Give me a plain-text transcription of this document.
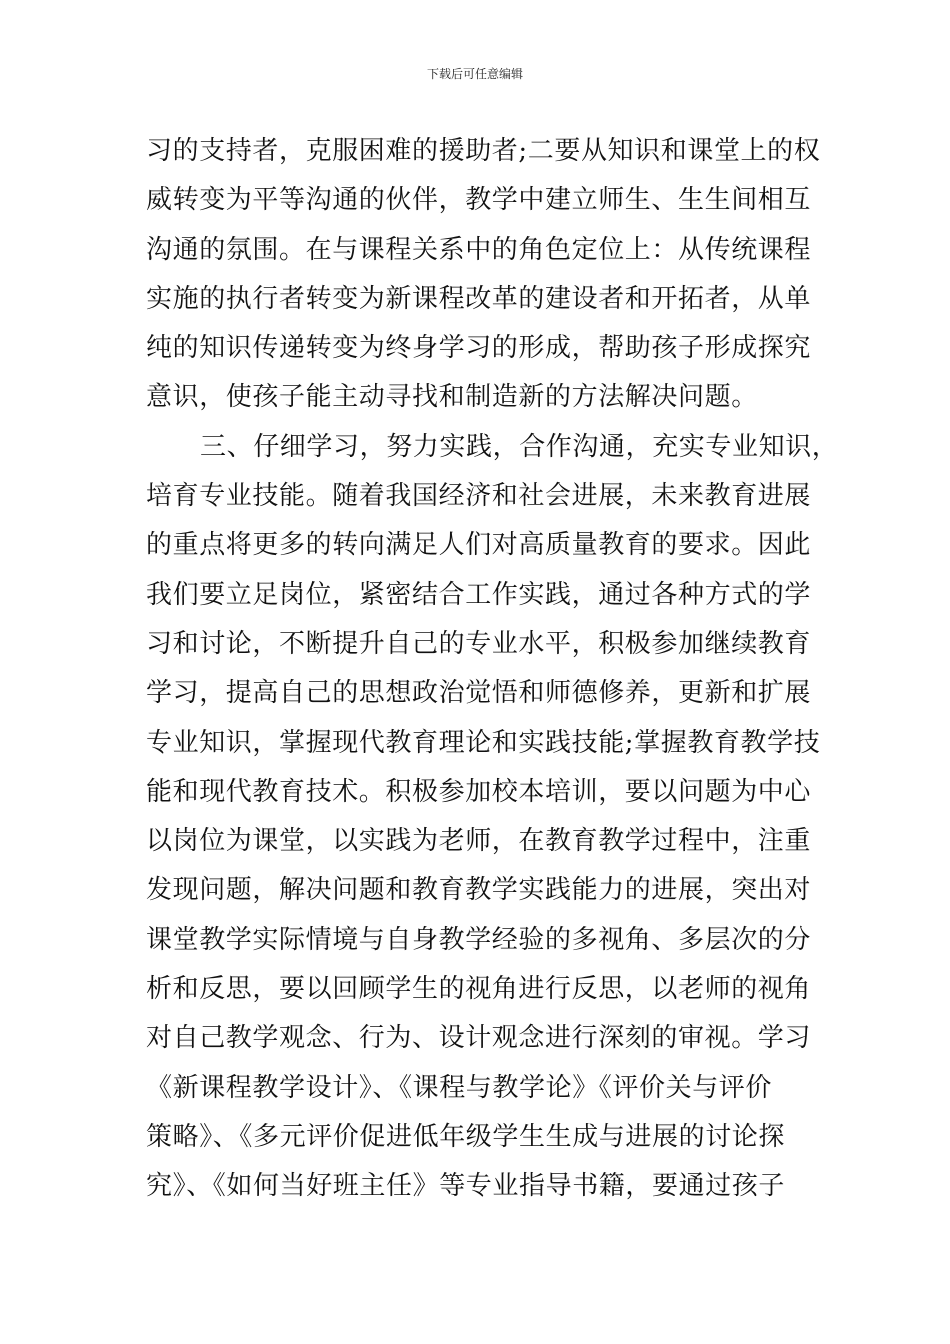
下载后可任意编辑
习的支持者，克服困难的援助者;二要从知识和课堂上的权
威转变为平等沟通的伙伴，教学中建立师生、生生间相互
沟通的氛围。在与课程关系中的角色定位上：从传统课程
实施的执行者转变为新课程改革的建设者和开拓者，从单
纯的知识传递转变为终身学习的形成，帮助孩子形成探究
意识，使孩子能主动寻找和制造新的方法解决问题。
三、仔细学习，努力实践，合作沟通，充实专业知识，
培育专业技能。随着我国经济和社会进展，未来教育进展
的重点将更多的转向满足人们对高质量教育的要求。因此
我们要立足岗位，紧密结合工作实践，通过各种方式的学
习和讨论，不断提升自己的专业水平，积极参加继续教育
学习，提高自己的思想政治觉悟和师德修养，更新和扩展
专业知识，掌握现代教育理论和实践技能;掌握教育教学技
能和现代教育技术。积极参加校本培训，要以问题为中心
以岗位为课堂，以实践为老师，在教育教学过程中，注重
发现问题，解决问题和教育教学实践能力的进展，突出对
课堂教学实际情境与自身教学经验的多视角、多层次的分
析和反思，要以回顾学生的视角进行反思，以老师的视角
对自己教学观念、行为、设计观念进行深刻的审视。学习
《新课程教学设计》、《课程与教学论》《评价关与评价
策略》、《多元评价促进低年级学生生成与进展的讨论探
究》、《如何当好班主任》等专业指导书籍，要通过孩子
